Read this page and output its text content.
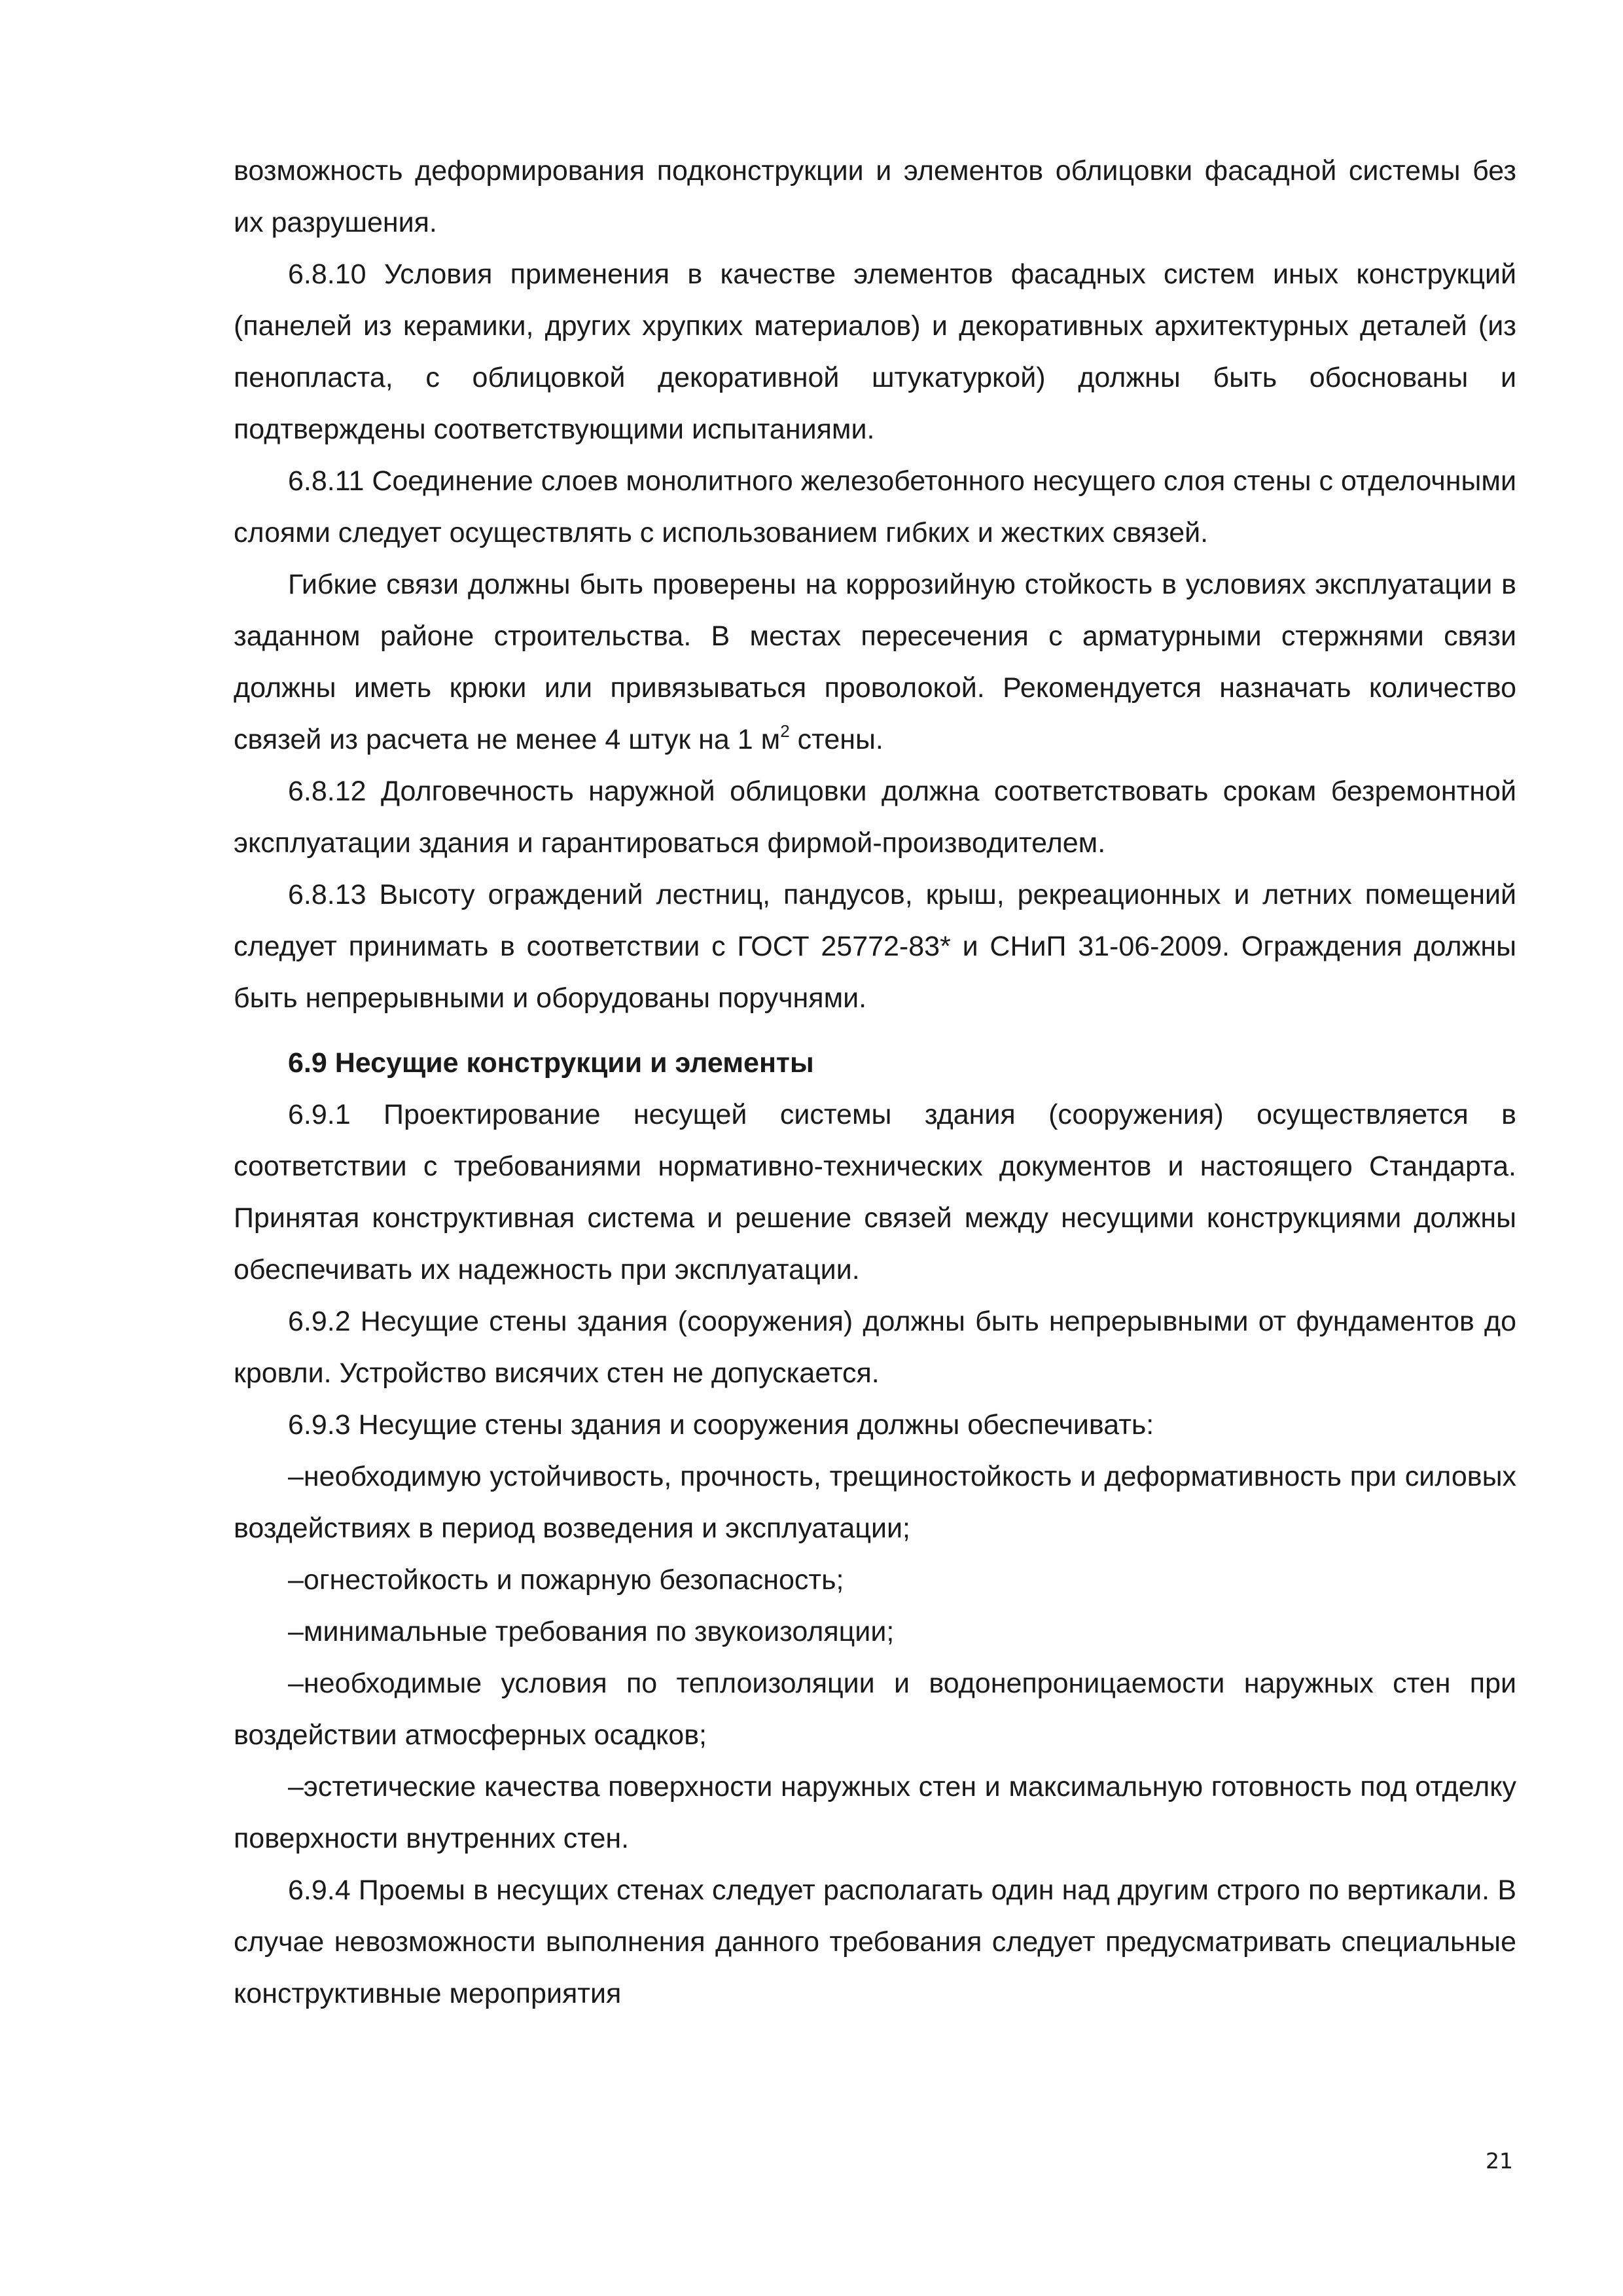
возможность деформирования подконструкции и элементов облицовки фасадной системы без их разрушения.

6.8.10 Условия применения в качестве элементов фасадных систем иных конструкций (панелей из керамики, других хрупких материалов) и декоративных архитектурных деталей (из пенопласта, с облицовкой декоративной штукатуркой) должны быть обоснованы и подтверждены соответствующими испытаниями.

6.8.11 Соединение слоев монолитного железобетонного несущего слоя стены с отделочными слоями следует осуществлять с использованием гибких и жестких связей.

Гибкие связи должны быть проверены на коррозийную стойкость в условиях эксплуатации в заданном районе строительства. В местах пересечения с арматурными стержнями связи должны иметь крюки или привязываться проволокой. Рекомендуется назначать количество связей из расчета не менее 4 штук на 1 $м^2$ стены.

6.8.12 Долговечность наружной облицовки должна соответствовать срокам безремонтной эксплуатации здания и гарантироваться фирмой-производителем.

6.8.13 Высоту ограждений лестниц, пандусов, крыш, рекреационных и летних помещений следует принимать в соответствии с ГОСТ 25772-83* и СНиП 31-06-2009. Ограждения должны быть непрерывными и оборудованы поручнями.

6.9 Несущие конструкции и элементы

6.9.1 Проектирование несущей системы здания (сооружения) осуществляется в соответствии с требованиями нормативно-технических документов и настоящего Стандарта. Принятая конструктивная система и решение связей между несущими конструкциями должны обеспечивать их надежность при эксплуатации.

6.9.2 Несущие стены здания (сооружения) должны быть непрерывными от фундаментов до кровли. Устройство висячих стен не допускается.

6.9.3 Несущие стены здания и сооружения должны обеспечивать:

–необходимую устойчивость, прочность, трещиностойкость и деформативность при силовых воздействиях в период возведения и эксплуатации;

–огнестойкость и пожарную безопасность;

–минимальные требования по звукоизоляции;

–необходимые условия по теплоизоляции и водонепроницаемости наружных стен при воздействии атмосферных осадков;

–эстетические качества поверхности наружных стен и максимальную готовность под отделку поверхности внутренних стен.

6.9.4 Проемы в несущих стенах следует располагать один над другим строго по вертикали. В случае невозможности выполнения данного требования следует предусматривать специальные конструктивные мероприятия

21
